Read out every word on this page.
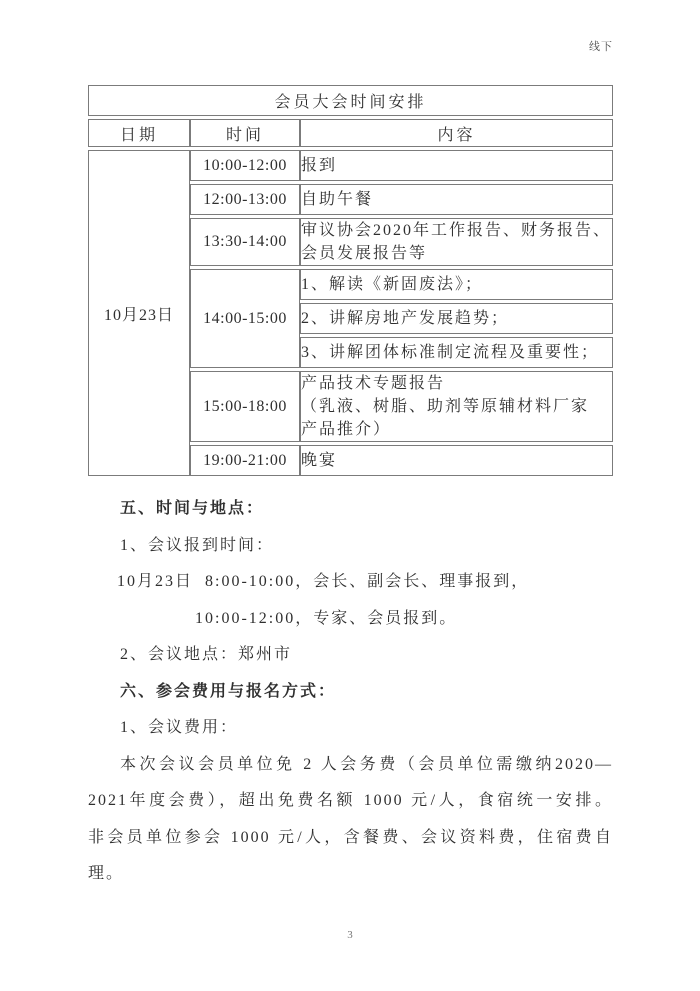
线下
会员大会时间安排		
日期	时间	内容
10月23日	10:00-12:00	报到
	12:00-13:00	自助午餐
	13:30-14:00	审议协会2020年工作报告、财务报告、
会员发展报告等

	14:00-15:00	1、解读《新固废法》；
		2、讲解房地产发展趋势；
		3、讲解团体标准制定流程及重要性；
	15:00-18:00	产品技术专题报告
（乳液、树脂、助剂等原辅材料厂家
产品推介）

	19:00-21:00	晚宴

五、时间与地点：

1、会议报到时间：

10月23日  8:00-10:00，会长、副会长、理事报到，

10:00-12:00，专家、会员报到。

2、会议地点：郑州市

六、参会费用与报名方式：

1、会议费用：

本次会议会员单位免 2 人会务费（会员单位需缴纳2020—

2021年度会费），超出免费名额 1000 元/人，食宿统一安排。

非会员单位参会 1000 元/人，含餐费、会议资料费，住宿费自

理。

3
